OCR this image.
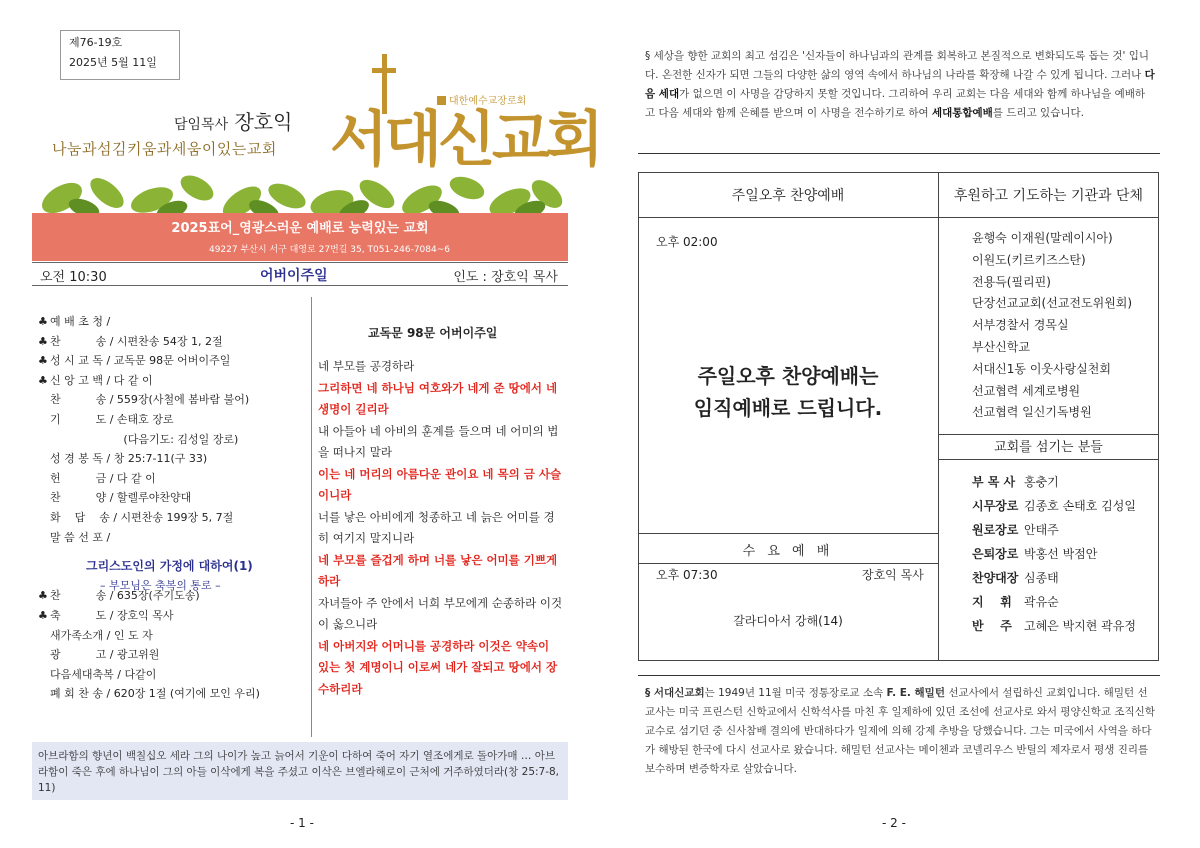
제76-19호
2025년 5월 11일
담임목사 장호익
나눔과섬김키움과세움이있는교회 서대신교회
대한예수교장로회
2025표어_영광스러운 예배로 능력있는 교회
49227 부산시 서구 대영로 27번길 35, T051-246-7084~6
오전 10:30	어버이주일	인도 : 장호익 목사
♣ 예 배 초 청 /
♣ 찬          송 / 시편찬송 54장 1, 2절
♣ 성 시 교 독 / 교독문 98문 어버이주일
♣ 신 앙 고 백 / 다 같 이
찬          송 / 559장(사철에 봄바람 불어)
기          도 / 손태호 장로
(다음기도: 김성일 장로)
성 경 봉 독 / 창 25:7-11(구 33)
헌          금 / 다 같 이
찬          양 / 할렐루야찬양대
화    답    송 / 시편찬송 199장 5, 7절
말 씀 선 포 /
♣ 찬          송 / 635장(주기도송)
♣ 축          도 / 장호익 목사
새가족소개 / 인 도 자
광          고 / 광고위원
다음세대축복 / 다같이
폐 회 찬 송 / 620장 1절 (여기에 모인 우리)
그리스도인의 가정에 대하여(1)
– 부모님은 축복의 통로 –
교독문 98문 어버이주일
네 부모를 공경하라
그리하면 네 하나님 여호와가 네게 준 땅에서 네 생명이 길리라
내 아들아 네 아비의 훈계를 들으며 네 어미의 법을 떠나지 말라
이는 네 머리의 아름다운 관이요 네 목의 금 사슬이니라
너를 낳은 아비에게 청종하고 네 늙은 어미를 경히 여기지 말지니라
네 부모를 즐겁게 하며 너를 낳은 어미를 기쁘게 하라
자녀들아 주 안에서 너희 부모에게 순종하라 이것이 옳으니라
네 아버지와 어머니를 공경하라 이것은 약속이 있는 첫 계명이니 이로써 네가 잘되고 땅에서 장수하리라
아브라함의 향년이 백칠십오 세라 그의 나이가 높고 늙어서 기운이 다하여 죽어 자기 열조에게로 돌아가매 … 아브라함이 죽은 후에 하나님이 그의 아들 이삭에게 복을 주셨고 이삭은 브엘라해로이 근처에 거주하였더라(창 25:7-8, 11)
- 1 -
§ 세상을 향한 교회의 최고 섬김은 '신자들이 하나님과의 관계를 회복하고 본질적으로 변화되도록 돕는 것' 입니다. 온전한 신자가 되면 그들의 다양한 삶의 영역 속에서 하나님의 나라를 확장해 나갈 수 있게 됩니다. 그러나 다음 세대가 없으면 이 사명을 감당하지 못할 것입니다. 그리하여 우리 교회는 다음 세대와 함께 하나님을 예배하고 다음 세대와 함께 은혜를 받으며 이 사명을 전수하기로 하여 세대통합예배를 드리고 있습니다.
주일오후 찬양예배	후원하고 기도하는 기관과 단체
오후 02:00
주일오후 찬양예배는
임직예배로 드립니다.
수 요 예 배
오후 07:30	장호익 목사
갈라디아서 강해(14)
윤행숙 이재원(말레이시아)
이원도(키르키즈스탄)
전용득(필리핀)
단장선교교회(선교전도위원회)
서부경찰서 경목실
부산신학교
서대신1동 이웃사랑실천회
선교협력 세계로병원
선교협력 일신기독병원
교회를 섬기는 분들
부 목 사 홍충기
시무장로 김종호 손태호 김성일
원로장로 안태주
은퇴장로 박홍선 박점안
찬양대장 심종태
지    휘 곽유순
반    주 고혜은 박지현 곽유정
§ 서대신교회는 1949년 11월 미국 정통장로교 소속 F. E. 해밀턴 선교사에서 설립하신 교회입니다. 해밀턴 선교사는 미국 프린스턴 신학교에서 신학석사를 마친 후 일제하에 있던 조선에 선교사로 와서 평양신학교 조직신학 교수로 섬기던 중 신사참배 결의에 반대하다가 일제에 의해 강제 추방을 당했습니다. 그는 미국에서 사역을 하다가 해방된 한국에 다시 선교사로 왔습니다. 해밀턴 선교사는 메이첸과 코넬리우스 반틸의 제자로서 평생 진리를 보수하며 변증학자로 살았습니다.
- 2 -
